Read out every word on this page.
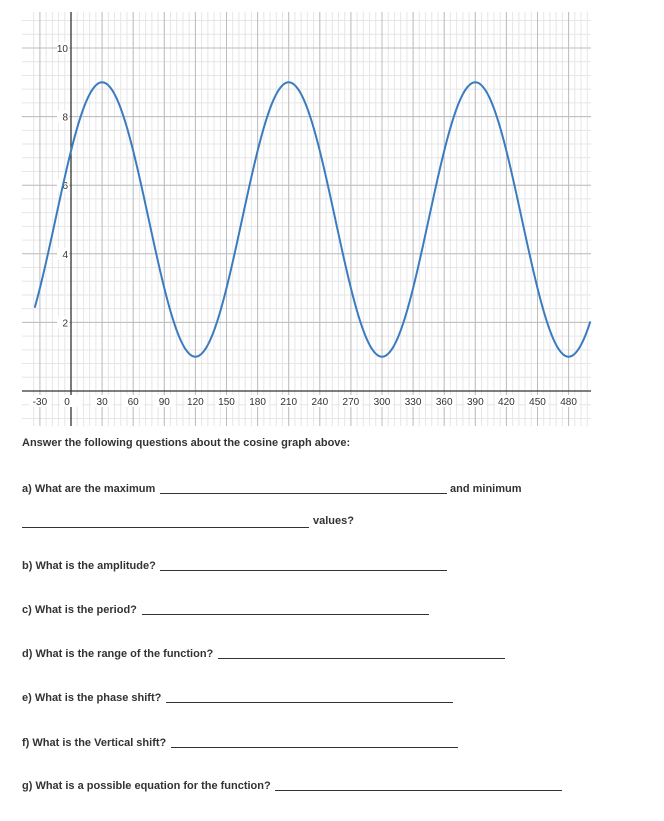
-30 0	30 60 90 120 150 180 210 240 270 300 330 360 390 420 450 480
2
4
6
8
10
Answer the following questions about the cosine graph above:
a) What are the maximum	and minimum
values?
b) What is the amplitude?
c) What is the period?
d) What is the range of the function?
e) What is the phase shift?
f) What is the Vertical shift?
g) What is a possible equation for the function?
